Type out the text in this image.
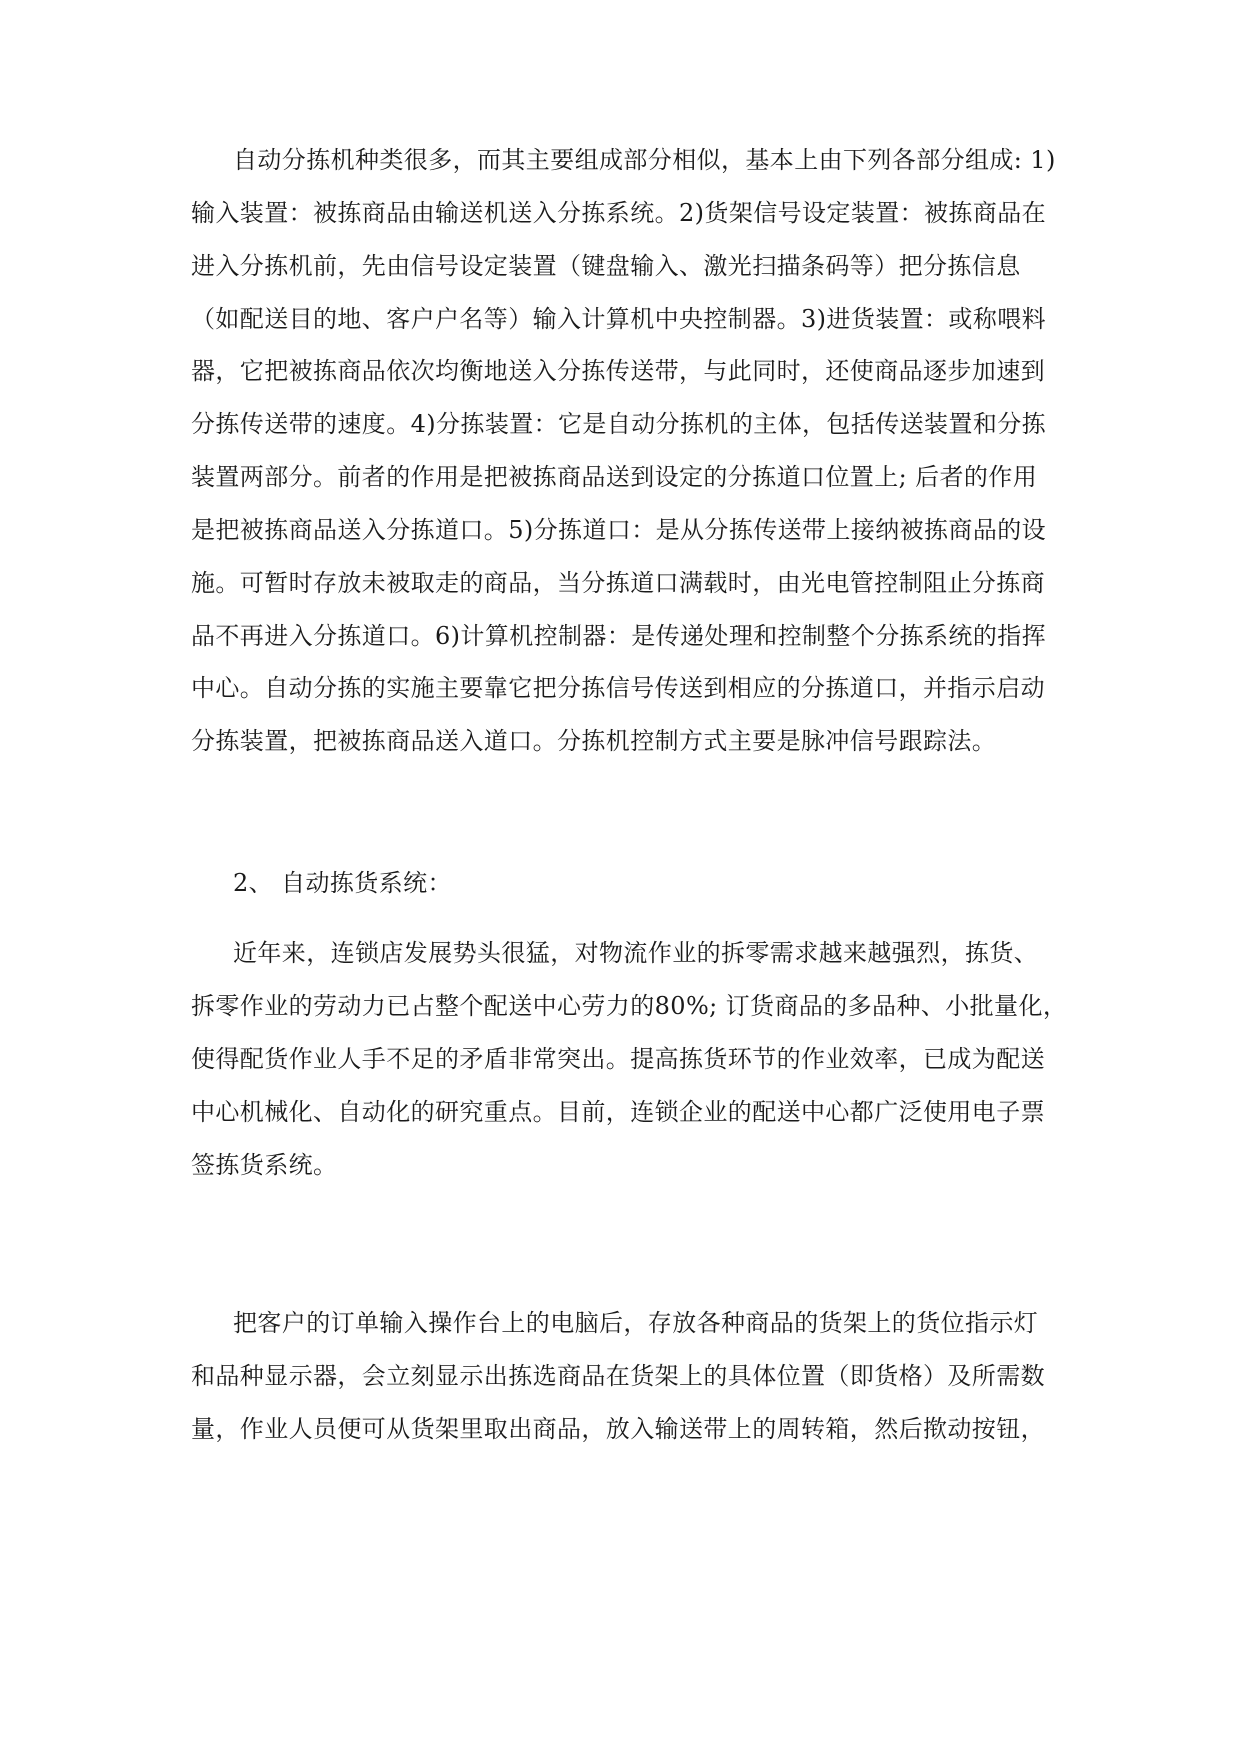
自动分拣机种类很多，而其主要组成部分相似，基本上由下列各部分组成: 1)
输入装置：被拣商品由输送机送入分拣系统。2)货架信号设定装置：被拣商品在
进入分拣机前，先由信号设定装置（键盘输入、激光扫描条码等）把分拣信息
（如配送目的地、客户户名等）输入计算机中央控制器。3)进货装置：或称喂料
器，它把被拣商品依次均衡地送入分拣传送带，与此同时，还使商品逐步加速到
分拣传送带的速度。4)分拣装置：它是自动分拣机的主体，包括传送装置和分拣
装置两部分。前者的作用是把被拣商品送到设定的分拣道口位置上; 后者的作用
是把被拣商品送入分拣道口。5)分拣道口：是从分拣传送带上接纳被拣商品的设
施。可暂时存放未被取走的商品，当分拣道口满载时，由光电管控制阻止分拣商
品不再进入分拣道口。6)计算机控制器：是传递处理和控制整个分拣系统的指挥
中心。自动分拣的实施主要靠它把分拣信号传送到相应的分拣道口，并指示启动
分拣装置，把被拣商品送入道口。分拣机控制方式主要是脉冲信号跟踪法。
2、 自动拣货系统：
近年来，连锁店发展势头很猛，对物流作业的拆零需求越来越强烈，拣货、
拆零作业的劳动力已占整个配送中心劳力的80%; 订货商品的多品种、小批量化，
使得配货作业人手不足的矛盾非常突出。提高拣货环节的作业效率，已成为配送
中心机械化、自动化的研究重点。目前，连锁企业的配送中心都广泛使用电子票
签拣货系统。
把客户的订单输入操作台上的电脑后，存放各种商品的货架上的货位指示灯
和品种显示器，会立刻显示出拣选商品在货架上的具体位置（即货格）及所需数
量，作业人员便可从货架里取出商品，放入输送带上的周转箱，然后揿动按钮，
